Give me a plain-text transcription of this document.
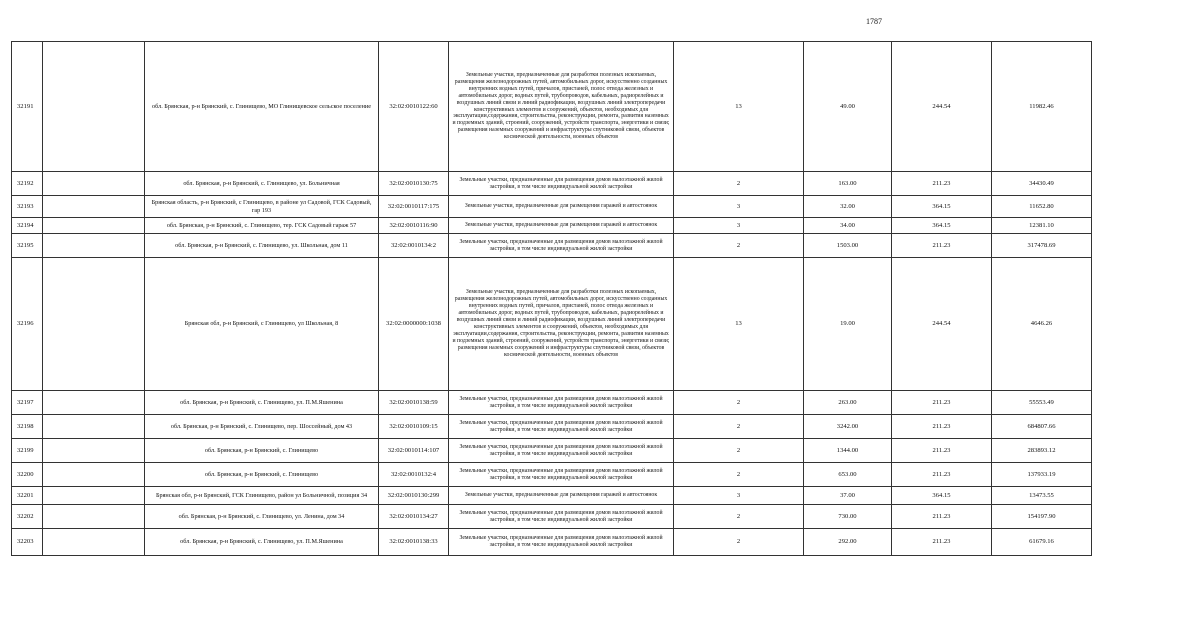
1787
32191		обл. Брянская, р-н Брянский, с. Глинищево, МО Глинищевское сельское поселение	32:02:0010122:60	Земельные участки, предназначенные для разработки полезных ископаемых, размещения железнодорожных путей, автомобильных дорог, искусственно созданных внутренних водных путей, причалов, пристаней, полос отвода железных и автомобильных дорог, водных путей, трубопроводов, кабельных, радиорелейных и воздушных линий связи и линий радиофикации, воздушных линий электропередачи конструктивных элементов и сооружений, объектов, необходимых для эксплуатации,содержания, строительства, реконструкции, ремонта, развития наземных и подземных зданий, строений, сооружений, устройств транспорта, энергетики и связи; размещения наземных сооружений и инфраструктуры спутниковой связи, объектов космической деятельности, военных объектов	13	49.00	244.54	11982.46
32192		обл. Брянская, р-н Брянский, с. Глинищево, ул. Больничная	32:02:0010130:75	Земельные участки, предназначенные для размещения домов малоэтажной жилой застройки, в том числе индивидуальной жилой застройки	2	163.00	211.23	34430.49
32193		Брянская область, р-н Брянский, с Глинищево, в районе ул Садовой, ГСК Садовый, гар 193	32:02:0010117:175	Земельные участки, предназначенные для размещения гаражей и автостоянок	3	32.00	364.15	11652.80
32194		обл. Брянская, р-н Брянский, с. Глинищево, тер. ГСК Садовый гараж 57	32:02:0010116:90	Земельные участки, предназначенные для размещения гаражей и автостоянок	3	34.00	364.15	12381.10
32195		обл. Брянская, р-н Брянский, с. Глинищево, ул. Школьная, дом 11	32:02:0010134:2	Земельные участки, предназначенные для размещения домов малоэтажной жилой застройки, в том числе индивидуальной жилой застройки	2	1503.00	211.23	317478.69
32196		Брянская обл, р-н Брянский, с Глинищево, ул Школьная, 8	32:02:0000000:1038	Земельные участки, предназначенные для разработки полезных ископаемых, размещения железнодорожных путей, автомобильных дорог, искусственно созданных внутренних водных путей, причалов, пристаней, полос отвода железных и автомобильных дорог, водных путей, трубопроводов, кабельных, радиорелейных и воздушных линий связи и линий радиофикации, воздушных линий электропередачи конструктивных элементов и сооружений, объектов, необходимых для эксплуатации,содержания, строительства, реконструкции, ремонта, развития наземных и подземных зданий, строений, сооружений, устройств транспорта, энергетики и связи; размещения наземных сооружений и инфраструктуры спутниковой связи, объектов космической деятельности, военных объектов	13	19.00	244.54	4646.26
32197		обл. Брянская, р-н Брянский, с. Глинищево, ул. П.М.Яшенина	32:02:0010138:59	Земельные участки, предназначенные для размещения домов малоэтажной жилой застройки, в том числе индивидуальной жилой застройки	2	263.00	211.23	55553.49
32198		обл. Брянская, р-н Брянский, с. Глинищево, пер. Шоссейный, дом 43	32:02:0010109:15	Земельные участки, предназначенные для размещения домов малоэтажной жилой застройки, в том числе индивидуальной жилой застройки	2	3242.00	211.23	684807.66
32199		обл. Брянская, р-н Брянский, с. Глинищево	32:02:0010114:107	Земельные участки, предназначенные для размещения домов малоэтажной жилой застройки, в том числе индивидуальной жилой застройки	2	1344.00	211.23	283893.12
32200		обл. Брянская, р-н Брянский, с. Глинищево	32:02:0010132:4	Земельные участки, предназначенные для размещения домов малоэтажной жилой застройки, в том числе индивидуальной жилой застройки	2	653.00	211.23	137933.19
32201		Брянская обл, р-н Брянский, ГСК Глинищево, район ул Больничной, позиция 34	32:02:0010130:299	Земельные участки, предназначенные для размещения гаражей и автостоянок	3	37.00	364.15	13473.55
32202		обл. Брянская, р-н Брянский, с. Глинищево, ул. Ленина, дом 34	32:02:0010134:27	Земельные участки, предназначенные для размещения домов малоэтажной жилой застройки, в том числе индивидуальной жилой застройки	2	730.00	211.23	154197.90
32203		обл. Брянская, р-н Брянский, с. Глинищево, ул. П.М.Яшенина	32:02:0010138:33	Земельные участки, предназначенные для размещения домов малоэтажной жилой застройки, в том числе индивидуальной жилой застройки	2	292.00	211.23	61679.16
